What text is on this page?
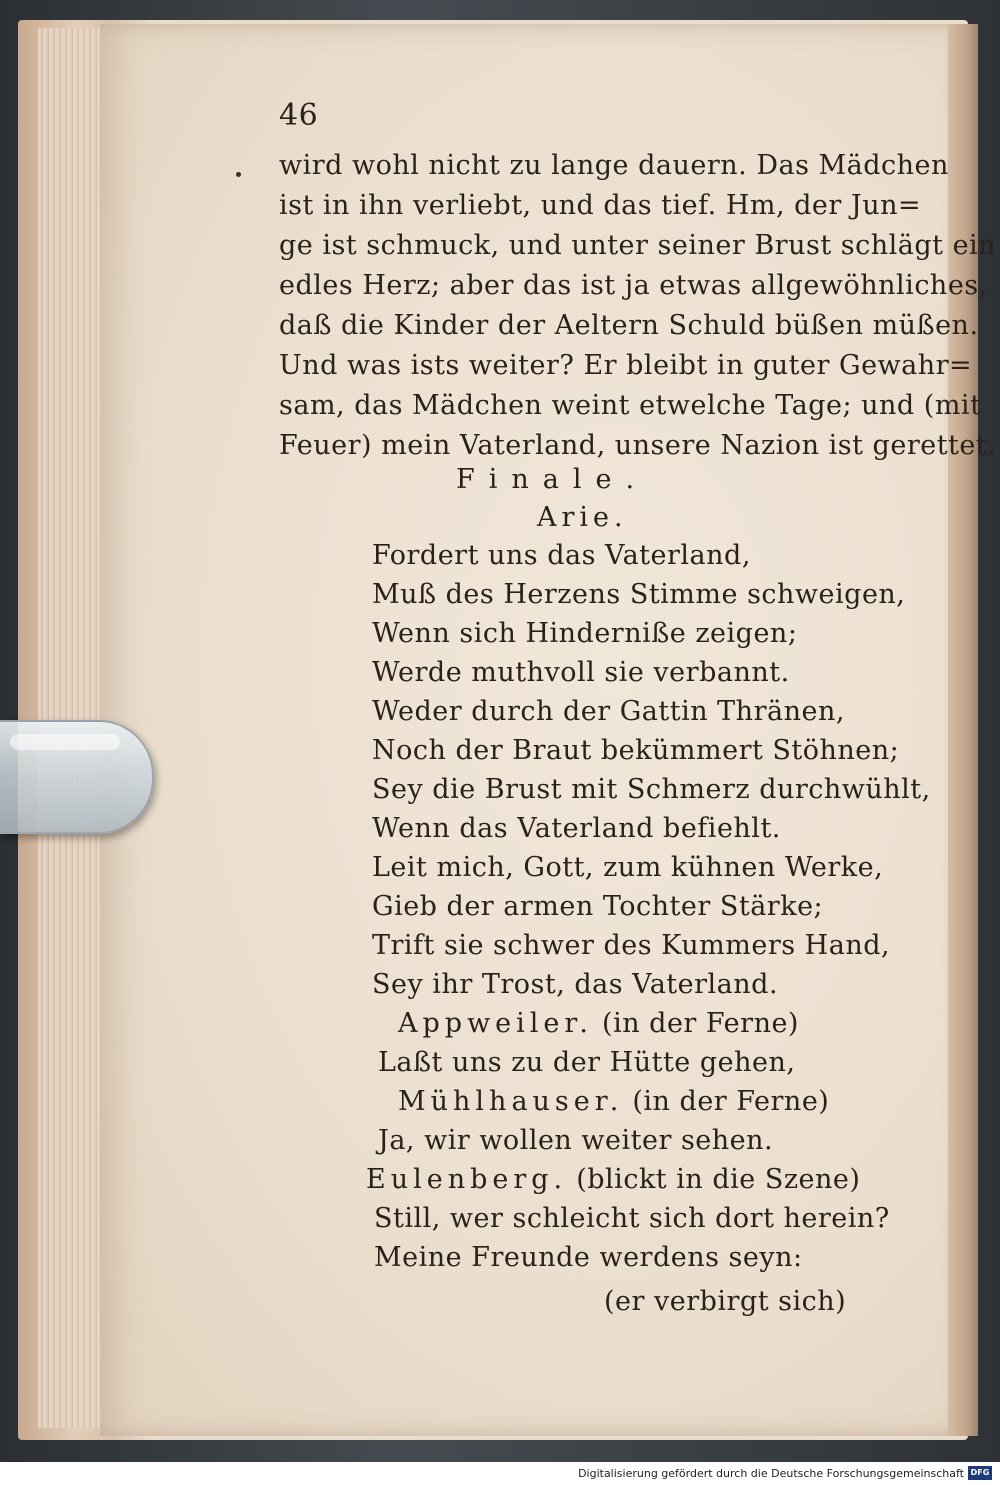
46
wird wohl nicht zu lange dauern. Das Mädchen
ist in ihn verliebt, und das tief. Hm, der Jun=
ge ist schmuck, und unter seiner Brust schlägt ein
edles Herz; aber das ist ja etwas allgewöhnliches,
daß die Kinder der Aeltern Schuld büßen müßen.
Und was ists weiter? Er bleibt in guter Gewahr=
sam, das Mädchen weint etwelche Tage; und (mit
Feuer) mein Vaterland, unsere Nazion ist gerettet.
Finale.
Arie.
Fordert uns das Vaterland,
Muß des Herzens Stimme schweigen,
Wenn sich Hinderniße zeigen;
Werde muthvoll sie verbannt.
Weder durch der Gattin Thränen,
Noch der Braut bekümmert Stöhnen;
Sey die Brust mit Schmerz durchwühlt,
Wenn das Vaterland befiehlt.
Leit mich, Gott, zum kühnen Werke,
Gieb der armen Tochter Stärke;
Trift sie schwer des Kummers Hand,
Sey ihr Trost, das Vaterland.
Appweiler. (in der Ferne)
Laßt uns zu der Hütte gehen,
Mühlhauser. (in der Ferne)
Ja, wir wollen weiter sehen.
Eulenberg. (blickt in die Szene)
Still, wer schleicht sich dort herein?
Meine Freunde werdens seyn:
(er verbirgt sich)
Digitalisierung gefördert durch die Deutsche Forschungsgemeinschaft DFG
